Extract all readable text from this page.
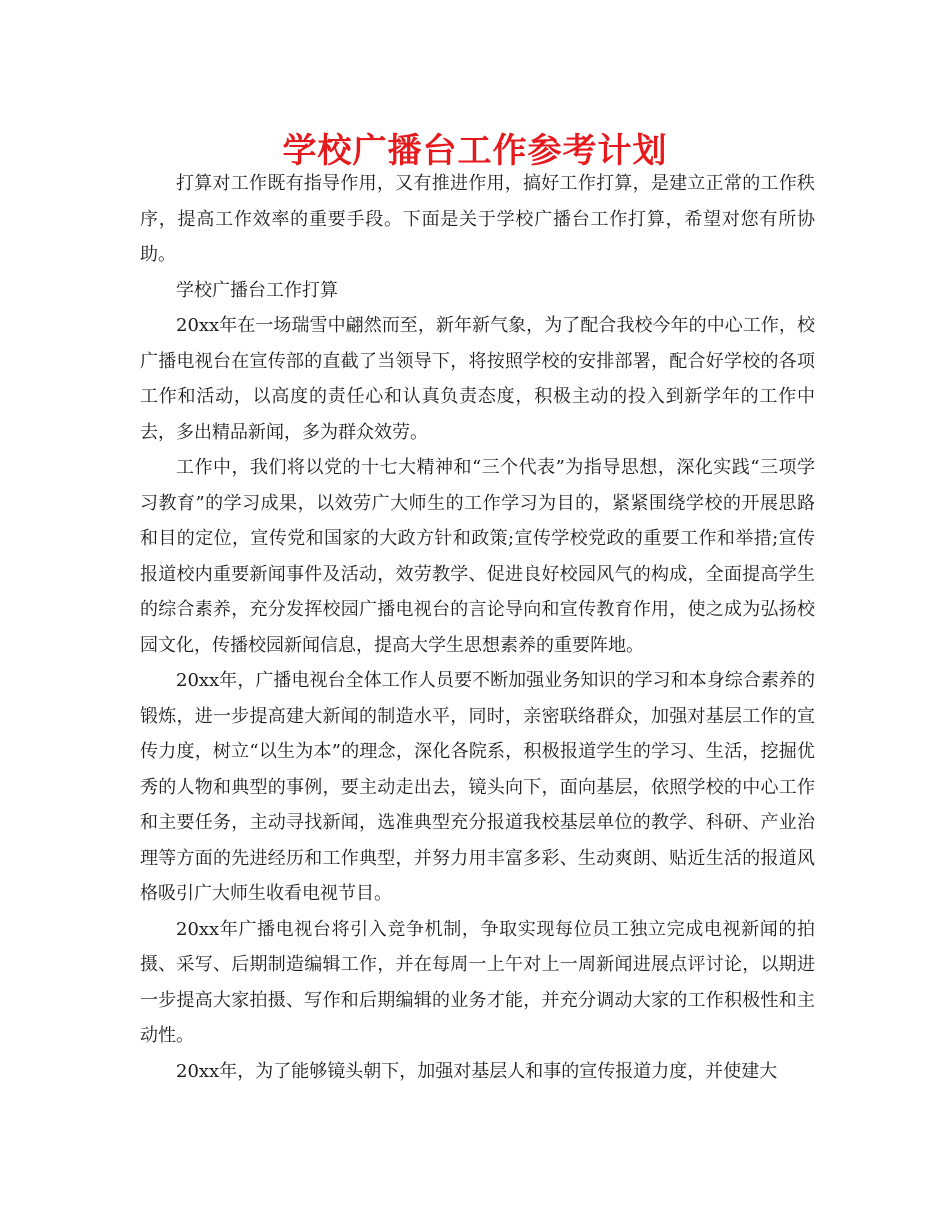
学校广播台工作参考计划

打算对工作既有指导作用，又有推进作用，搞好工作打算，是建立正常的工作秩序，提高工作效率的重要手段。下面是关于学校广播台工作打算，希望对您有所协助。

学校广播台工作打算

20xx年在一场瑞雪中翩然而至，新年新气象，为了配合我校今年的中心工作，校广播电视台在宣传部的直截了当领导下，将按照学校的安排部署，配合好学校的各项工作和活动，以高度的责任心和认真负责态度，积极主动的投入到新学年的工作中去，多出精品新闻，多为群众效劳。

工作中，我们将以党的十七大精神和“三个代表”为指导思想，深化实践“三项学习教育”的学习成果，以效劳广大师生的工作学习为目的，紧紧围绕学校的开展思路和目的定位，宣传党和国家的大政方针和政策;宣传学校党政的重要工作和举措;宣传报道校内重要新闻事件及活动，效劳教学、促进良好校园风气的构成，全面提高学生的综合素养，充分发挥校园广播电视台的言论导向和宣传教育作用，使之成为弘扬校园文化，传播校园新闻信息，提高大学生思想素养的重要阵地。

20xx年，广播电视台全体工作人员要不断加强业务知识的学习和本身综合素养的锻炼，进一步提高建大新闻的制造水平，同时，亲密联络群众，加强对基层工作的宣传力度，树立“以生为本”的理念，深化各院系，积极报道学生的学习、生活，挖掘优秀的人物和典型的事例，要主动走出去，镜头向下，面向基层，依照学校的中心工作和主要任务，主动寻找新闻，选准典型充分报道我校基层单位的教学、科研、产业治理等方面的先进经历和工作典型，并努力用丰富多彩、生动爽朗、贴近生活的报道风格吸引广大师生收看电视节目。

20xx年广播电视台将引入竞争机制，争取实现每位员工独立完成电视新闻的拍摄、采写、后期制造编辑工作，并在每周一上午对上一周新闻进展点评讨论，以期进一步提高大家拍摄、写作和后期编辑的业务才能，并充分调动大家的工作积极性和主动性。

20xx年，为了能够镜头朝下，加强对基层人和事的宣传报道力度，并使建大
